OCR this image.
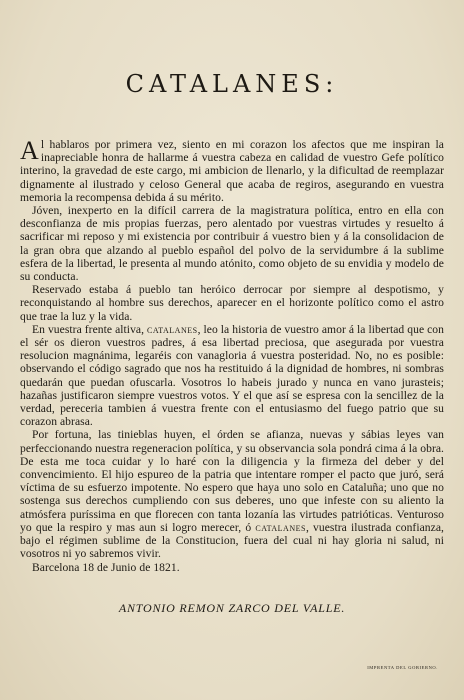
CATALANES:

Al hablaros por primera vez, siento en mi corazon los afectos que me inspiran la inapreciable honra de hallarme á vuestra cabeza en calidad de vuestro Gefe político interino, la gravedad de este cargo, mi ambicion de llenarlo, y la dificultad de reemplazar dignamente al ilustrado y celoso General que acaba de regiros, asegurando en vuestra memoria la recompensa debida á su mérito.

Jóven, inexperto en la difícil carrera de la magistratura política, entro en ella con desconfianza de mis propias fuerzas, pero alentado por vuestras virtudes y resuelto á sacrificar mi reposo y mi existencia por contribuir á vuestro bien y á la consolidacion de la gran obra que alzando al pueblo español del polvo de la servidumbre á la sublime esfera de la libertad, le presenta al mundo atónito, como objeto de su envidia y modelo de su conducta.

Reservado estaba á pueblo tan heróico derrocar por siempre al despotismo, y reconquistando al hombre sus derechos, aparecer en el horizonte político como el astro que trae la luz y la vida.

En vuestra frente altiva, catalanes, leo la historia de vuestro amor á la libertad que con el sér os dieron vuestros padres, á esa libertad preciosa, que asegurada por vuestra resolucion magnánima, legaréis con vanagloria á vuestra posteridad. No, no es posible: observando el código sagrado que nos ha restituido á la dignidad de hombres, ni sombras quedarán que puedan ofuscarla. Vosotros lo habeis jurado y nunca en vano jurasteis; hazañas justificaron siempre vuestros votos. Y el que así se espresa con la sencillez de la verdad, pereceria tambien á vuestra frente con el entusiasmo del fuego patrio que su corazon abrasa.

Por fortuna, las tinieblas huyen, el órden se afianza, nuevas y sábias leyes van perfeccionando nuestra regeneracion política, y su observancia sola pondrá cima á la obra. De esta me toca cuidar y lo haré con la diligencia y la firmeza del deber y del convencimiento. El hijo espureo de la patria que intentare romper el pacto que juró, será víctima de su esfuerzo impotente. No espero que haya uno solo en Cataluña; uno que no sostenga sus derechos cumpliendo con sus deberes, uno que infeste con su aliento la atmósfera puríssima en que florecen con tanta lozanía las virtudes patrióticas. Venturoso yo que la respiro y mas aun si logro merecer, ó catalanes, vuestra ilustrada confianza, bajo el régimen sublime de la Constitucion, fuera del cual ni hay gloria ni salud, ni vosotros ni yo sabremos vivir.

Barcelona 18 de Junio de 1821.

ANTONIO REMON ZARCO DEL VALLE.
IMPRENTA DEL GOBIERNO.
